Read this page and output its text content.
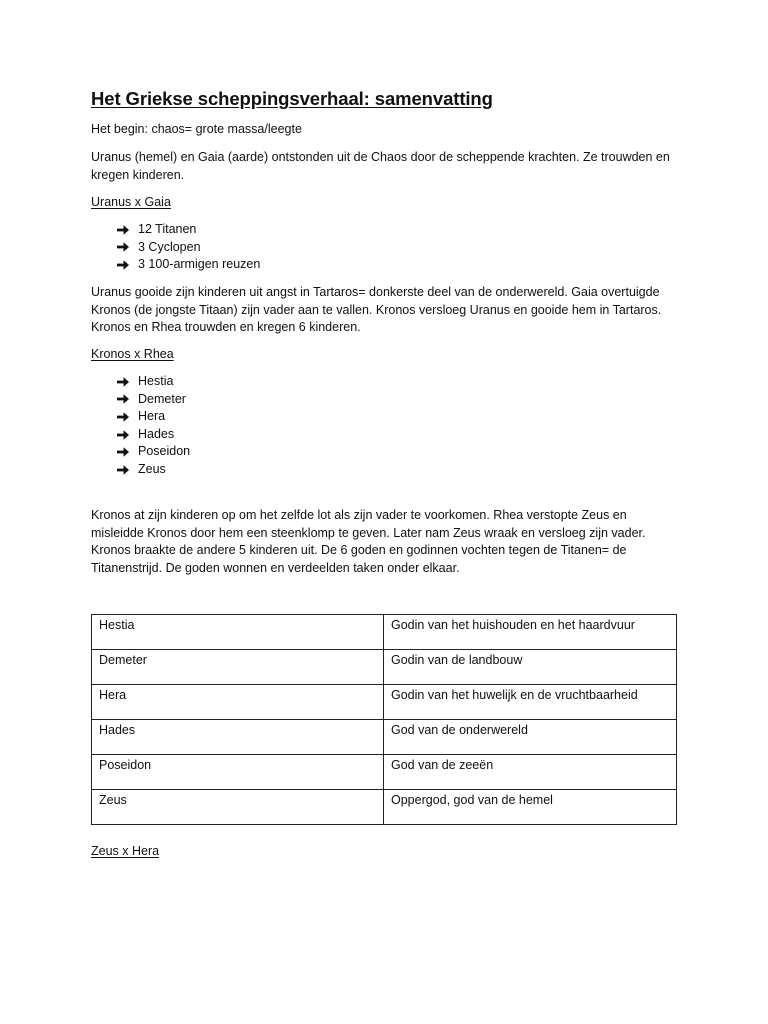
Het Griekse scheppingsverhaal: samenvatting

Het begin: chaos= grote massa/leegte

Uranus (hemel) en Gaia (aarde) ontstonden uit de Chaos door de scheppende krachten. Ze trouwden en kregen kinderen.

Uranus x Gaia

12 Titanen
3 Cyclopen
3 100-armigen reuzen

Uranus gooide zijn kinderen uit angst in Tartaros= donkerste deel van de onderwereld. Gaia overtuigde Kronos (de jongste Titaan) zijn vader aan te vallen. Kronos versloeg Uranus en gooide hem in Tartaros. Kronos en Rhea trouwden en kregen 6 kinderen.

Kronos x Rhea

Hestia
Demeter
Hera
Hades
Poseidon
Zeus

Kronos at zijn kinderen op om het zelfde lot als zijn vader te voorkomen. Rhea verstopte Zeus en misleidde Kronos door hem een steenklomp te geven. Later nam Zeus wraak en versloeg zijn vader. Kronos braakte de andere 5 kinderen uit. De 6 goden en godinnen vochten tegen de Titanen= de Titanenstrijd. De goden wonnen en verdeelden taken onder elkaar.

Hestia	Godin van het huishouden en het haardvuur
Demeter	Godin van de landbouw
Hera	Godin van het huwelijk en de vruchtbaarheid
Hades	God van de onderwereld
Poseidon	God van de zeeën
Zeus	Oppergod, god van de hemel

Zeus x Hera
